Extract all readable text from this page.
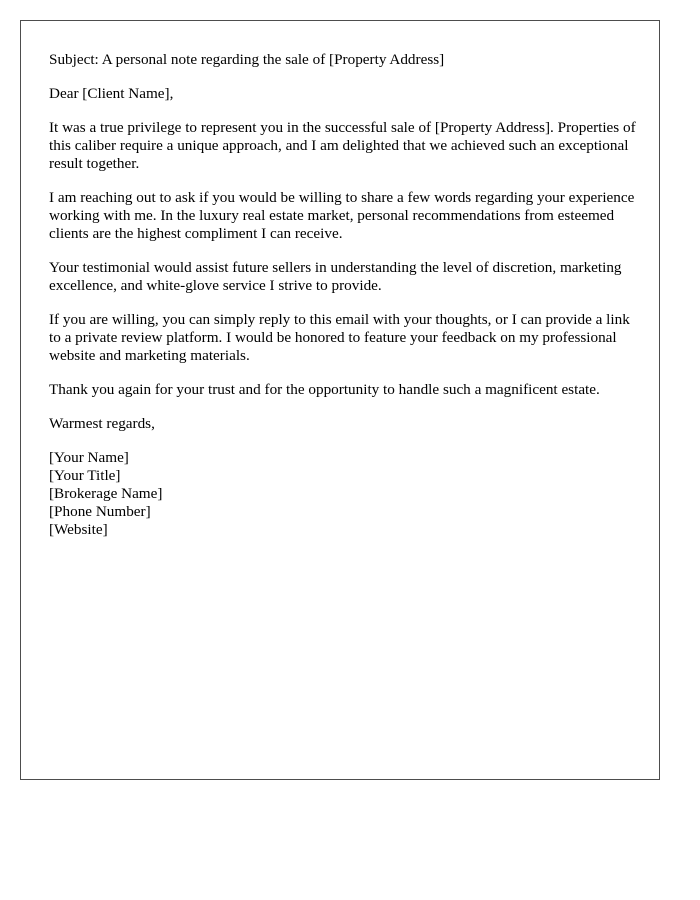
Subject: A personal note regarding the sale of [Property Address]

Dear [Client Name],

It was a true privilege to represent you in the successful sale of [Property Address]. Properties of this caliber require a unique approach, and I am delighted that we achieved such an exceptional result together.

I am reaching out to ask if you would be willing to share a few words regarding your experience working with me. In the luxury real estate market, personal recommendations from esteemed clients are the highest compliment I can receive.

Your testimonial would assist future sellers in understanding the level of discretion, marketing excellence, and white-glove service I strive to provide.

If you are willing, you can simply reply to this email with your thoughts, or I can provide a link to a private review platform. I would be honored to feature your feedback on my professional website and marketing materials.

Thank you again for your trust and for the opportunity to handle such a magnificent estate.

Warmest regards,

[Your Name]
[Your Title]
[Brokerage Name]
[Phone Number]
[Website]
